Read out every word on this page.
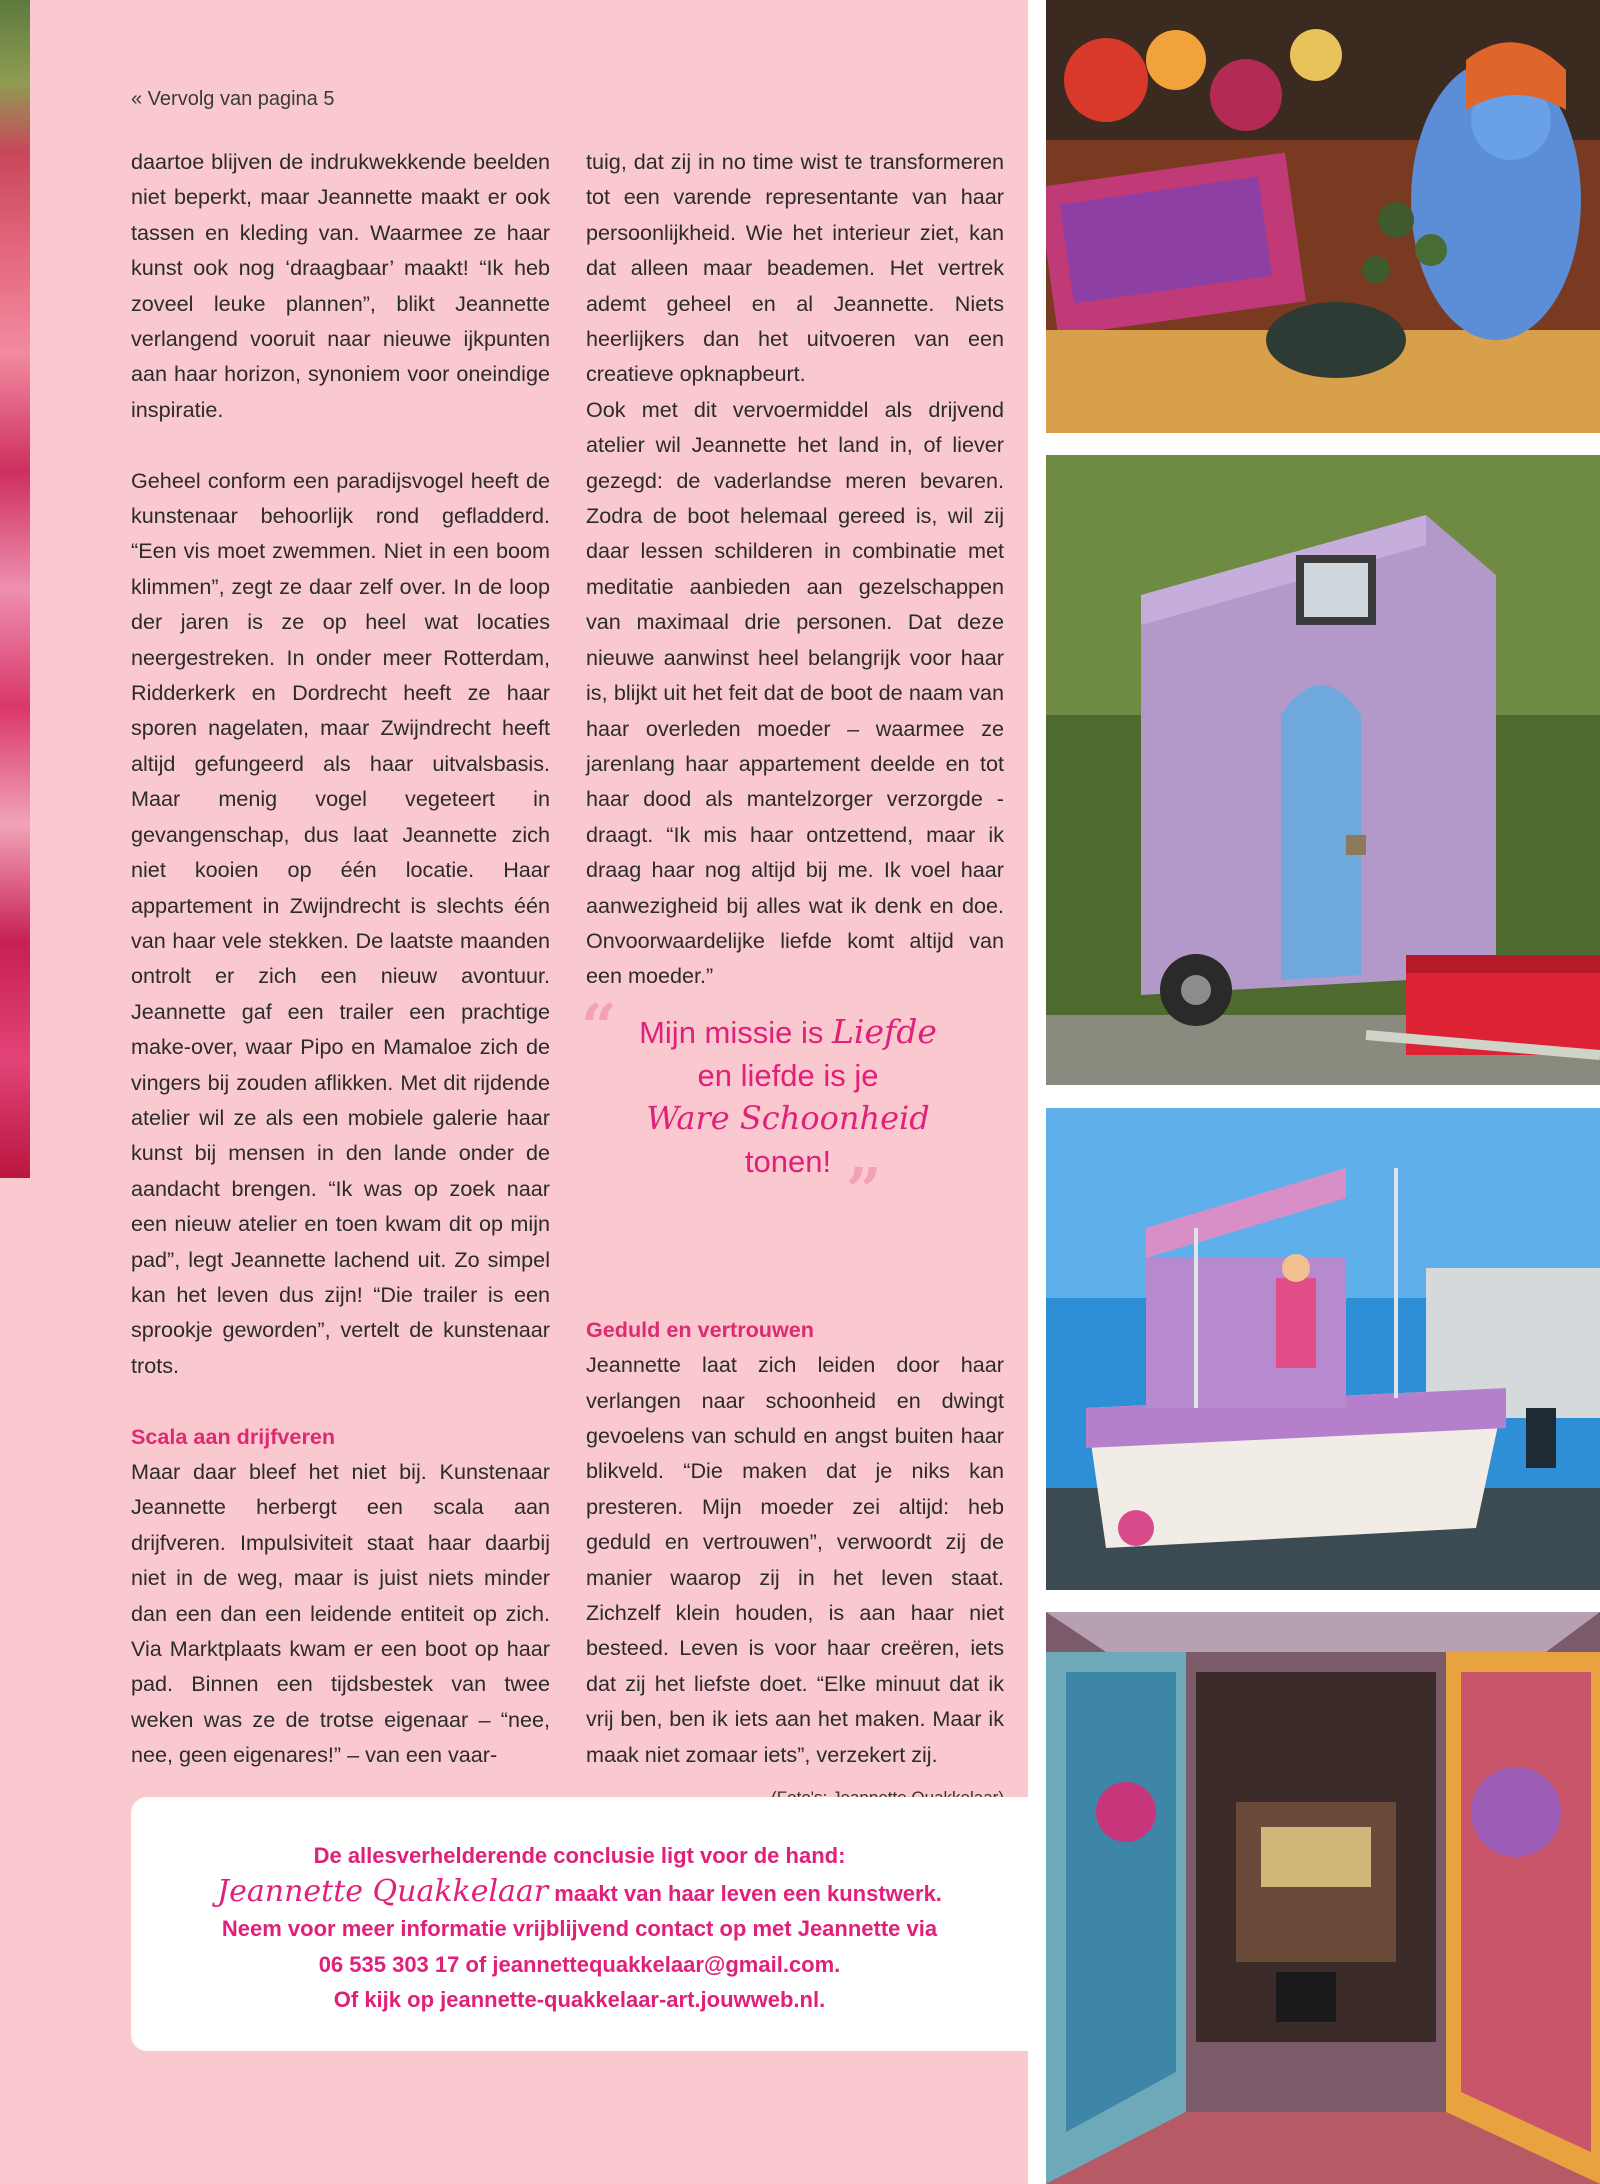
« Vervolg van pagina 5

daartoe blijven de indrukwekkende beelden niet beperkt, maar Jeannette maakt er ook tassen en kleding van. Waarmee ze haar kunst ook nog ‘draagbaar’ maakt! “Ik heb zoveel leuke plannen”, blikt Jeannette verlangend vooruit naar nieuwe ijkpunten aan haar horizon, synoniem voor oneindige inspiratie.

Geheel conform een paradijsvogel heeft de kunstenaar behoorlijk rond gefladderd. “Een vis moet zwemmen. Niet in een boom klimmen”, zegt ze daar zelf over. In de loop der jaren is ze op heel wat locaties neergestreken. In onder meer Rotterdam, Ridderkerk en Dordrecht heeft ze haar sporen nagelaten, maar Zwijndrecht heeft altijd gefungeerd als haar uitvalsbasis. Maar menig vogel vegeteert in gevangenschap, dus laat Jeannette zich niet kooien op één locatie. Haar appartement in Zwijndrecht is slechts één van haar vele stekken. De laatste maanden ontrolt er zich een nieuw avontuur. Jeannette gaf een trailer een prachtige make-over, waar Pipo en Mamaloe zich de vingers bij zouden aflikken. Met dit rijdende atelier wil ze als een mobiele galerie haar kunst bij mensen in den lande onder de aandacht brengen. “Ik was op zoek naar een nieuw atelier en toen kwam dit op mijn pad”, legt Jeannette lachend uit. Zo simpel kan het leven dus zijn! “Die trailer is een sprookje geworden”, vertelt de kunstenaar trots.

Scala aan drijfveren

Maar daar bleef het niet bij. Kunstenaar Jeannette herbergt een scala aan drijfveren. Impulsiviteit staat haar daarbij niet in de weg, maar is juist niets minder dan een dan een leidende entiteit op zich. Via Marktplaats kwam er een boot op haar pad. Binnen een tijdsbestek van twee weken was ze de trotse eigenaar – “nee, nee, geen eigenares!” – van een vaar-

tuig, dat zij in no time wist te transformeren tot een varende representante van haar persoonlijkheid. Wie het interieur ziet, kan dat alleen maar beademen. Het vertrek ademt geheel en al Jeannette. Niets heerlijkers dan het uitvoeren van een creatieve opknapbeurt.

Ook met dit vervoermiddel als drijvend atelier wil Jeannette het land in, of liever gezegd: de vaderlandse meren bevaren. Zodra de boot helemaal gereed is, wil zij daar lessen schilderen in combinatie met meditatie aanbieden aan gezelschappen van maximaal drie personen. Dat deze nieuwe aanwinst heel belangrijk voor haar is, blijkt uit het feit dat de boot de naam van haar overleden moeder – waarmee ze jarenlang haar appartement deelde en tot haar dood als mantelzorger verzorgde - draagt. “Ik mis haar ontzettend, maar ik draag haar nog altijd bij me. Ik voel haar aanwezigheid bij alles wat ik denk en doe. Onvoorwaardelijke liefde komt altijd van een moeder.”

Geduld en vertrouwen

Jeannette laat zich leiden door haar verlangen naar schoonheid en dwingt gevoelens van schuld en angst buiten haar blikveld. “Die maken dat je niks kan presteren. Mijn moeder zei altijd: heb geduld en vertrouwen”, verwoordt zij de manier waarop zij in het leven staat. Zichzelf klein houden, is aan haar niet besteed. Leven is voor haar creëren, iets dat zij het liefste doet. “Elke minuut dat ik vrij ben, ben ik iets aan het maken. Maar ik maak niet zomaar iets”, verzekert zij.

“ Mijn missie is Liefde
en liefde is je
Ware Schoonheid
tonen! ”
De allesverhelderende conclusie ligt voor de hand:
Jeannette Quakkelaar maakt van haar leven een kunstwerk.
Neem voor meer informatie vrijblijvend contact op met Jeannette via
06 535 303 17 of jeannettequakkelaar@gmail.com.
Of kijk op jeannette-quakkelaar-art.jouwweb.nl.
